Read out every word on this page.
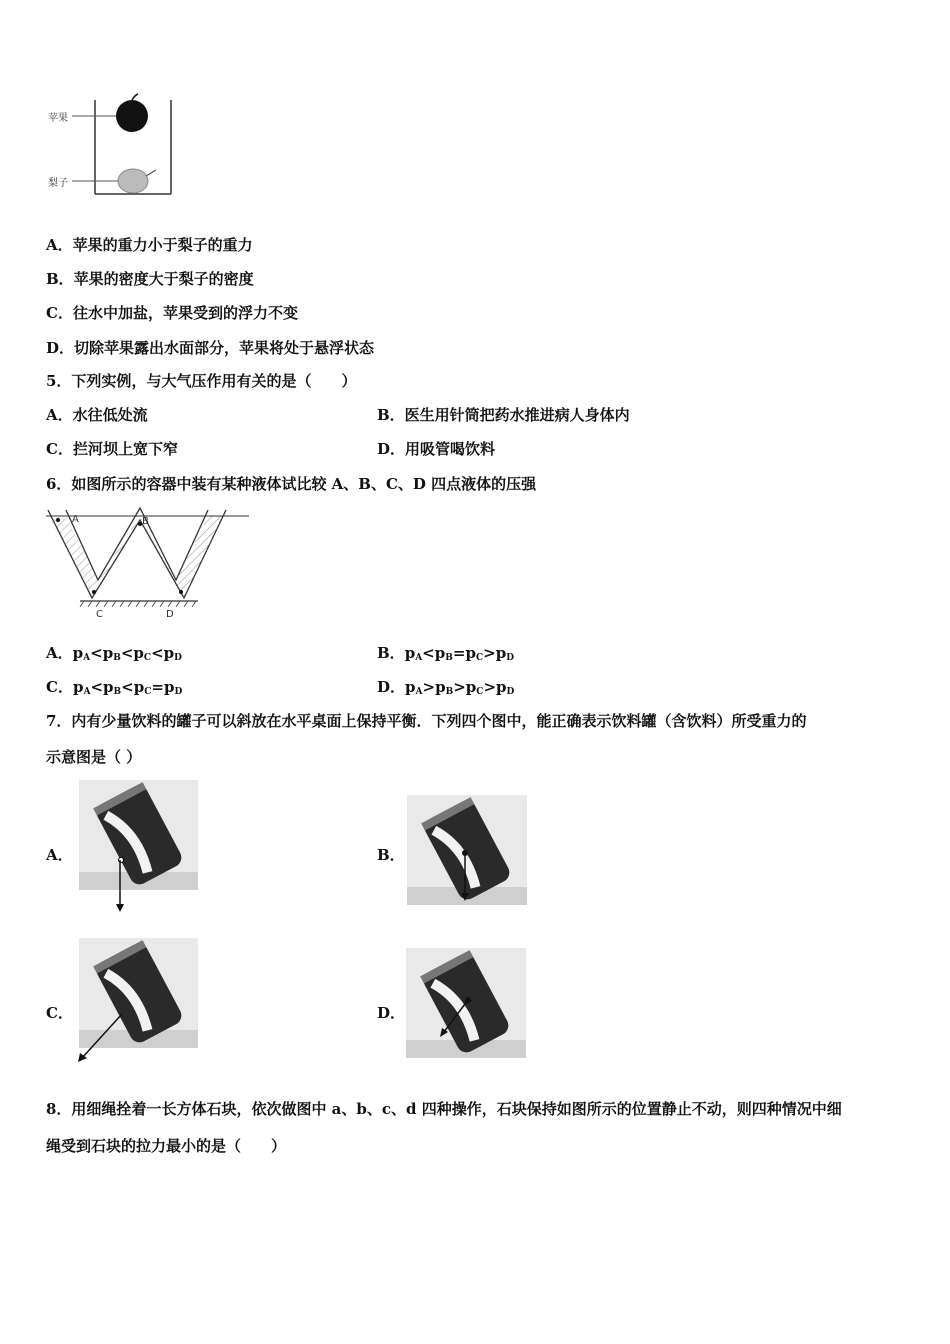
苹果
梨子
A．苹果的重力小于梨子的重力
B．苹果的密度大于梨子的密度
C．往水中加盐，苹果受到的浮力不变
D．切除苹果露出水面部分，苹果将处于悬浮状态
5．下列实例，与大气压作用有关的是（　　）
A．水往低处流	B．医生用针筒把药水推进病人身体内
C．拦河坝上宽下窄	D．用吸管喝饮料
6．如图所示的容器中装有某种液体试比较 A、B、C、D 四点液体的压强
A	B
C	D
A．$p_A<p_B<p_C<p_D$	B．$p_A<p_B=p_C>p_D$
C．$p_A<p_B<p_C=p_D$	D．$p_A>p_B>p_C>p_D$
7．内有少量饮料的罐子可以斜放在水平桌面上保持平衡．下列四个图中，能正确表示饮料罐（含饮料）所受重力的
示意图是（ ）
A．	B．
C．	D．
8．用细绳拴着一长方体石块，依次做图中 a、b、c、d 四种操作，石块保持如图所示的位置静止不动，则四种情况中细
绳受到石块的拉力最小的是（　　）
